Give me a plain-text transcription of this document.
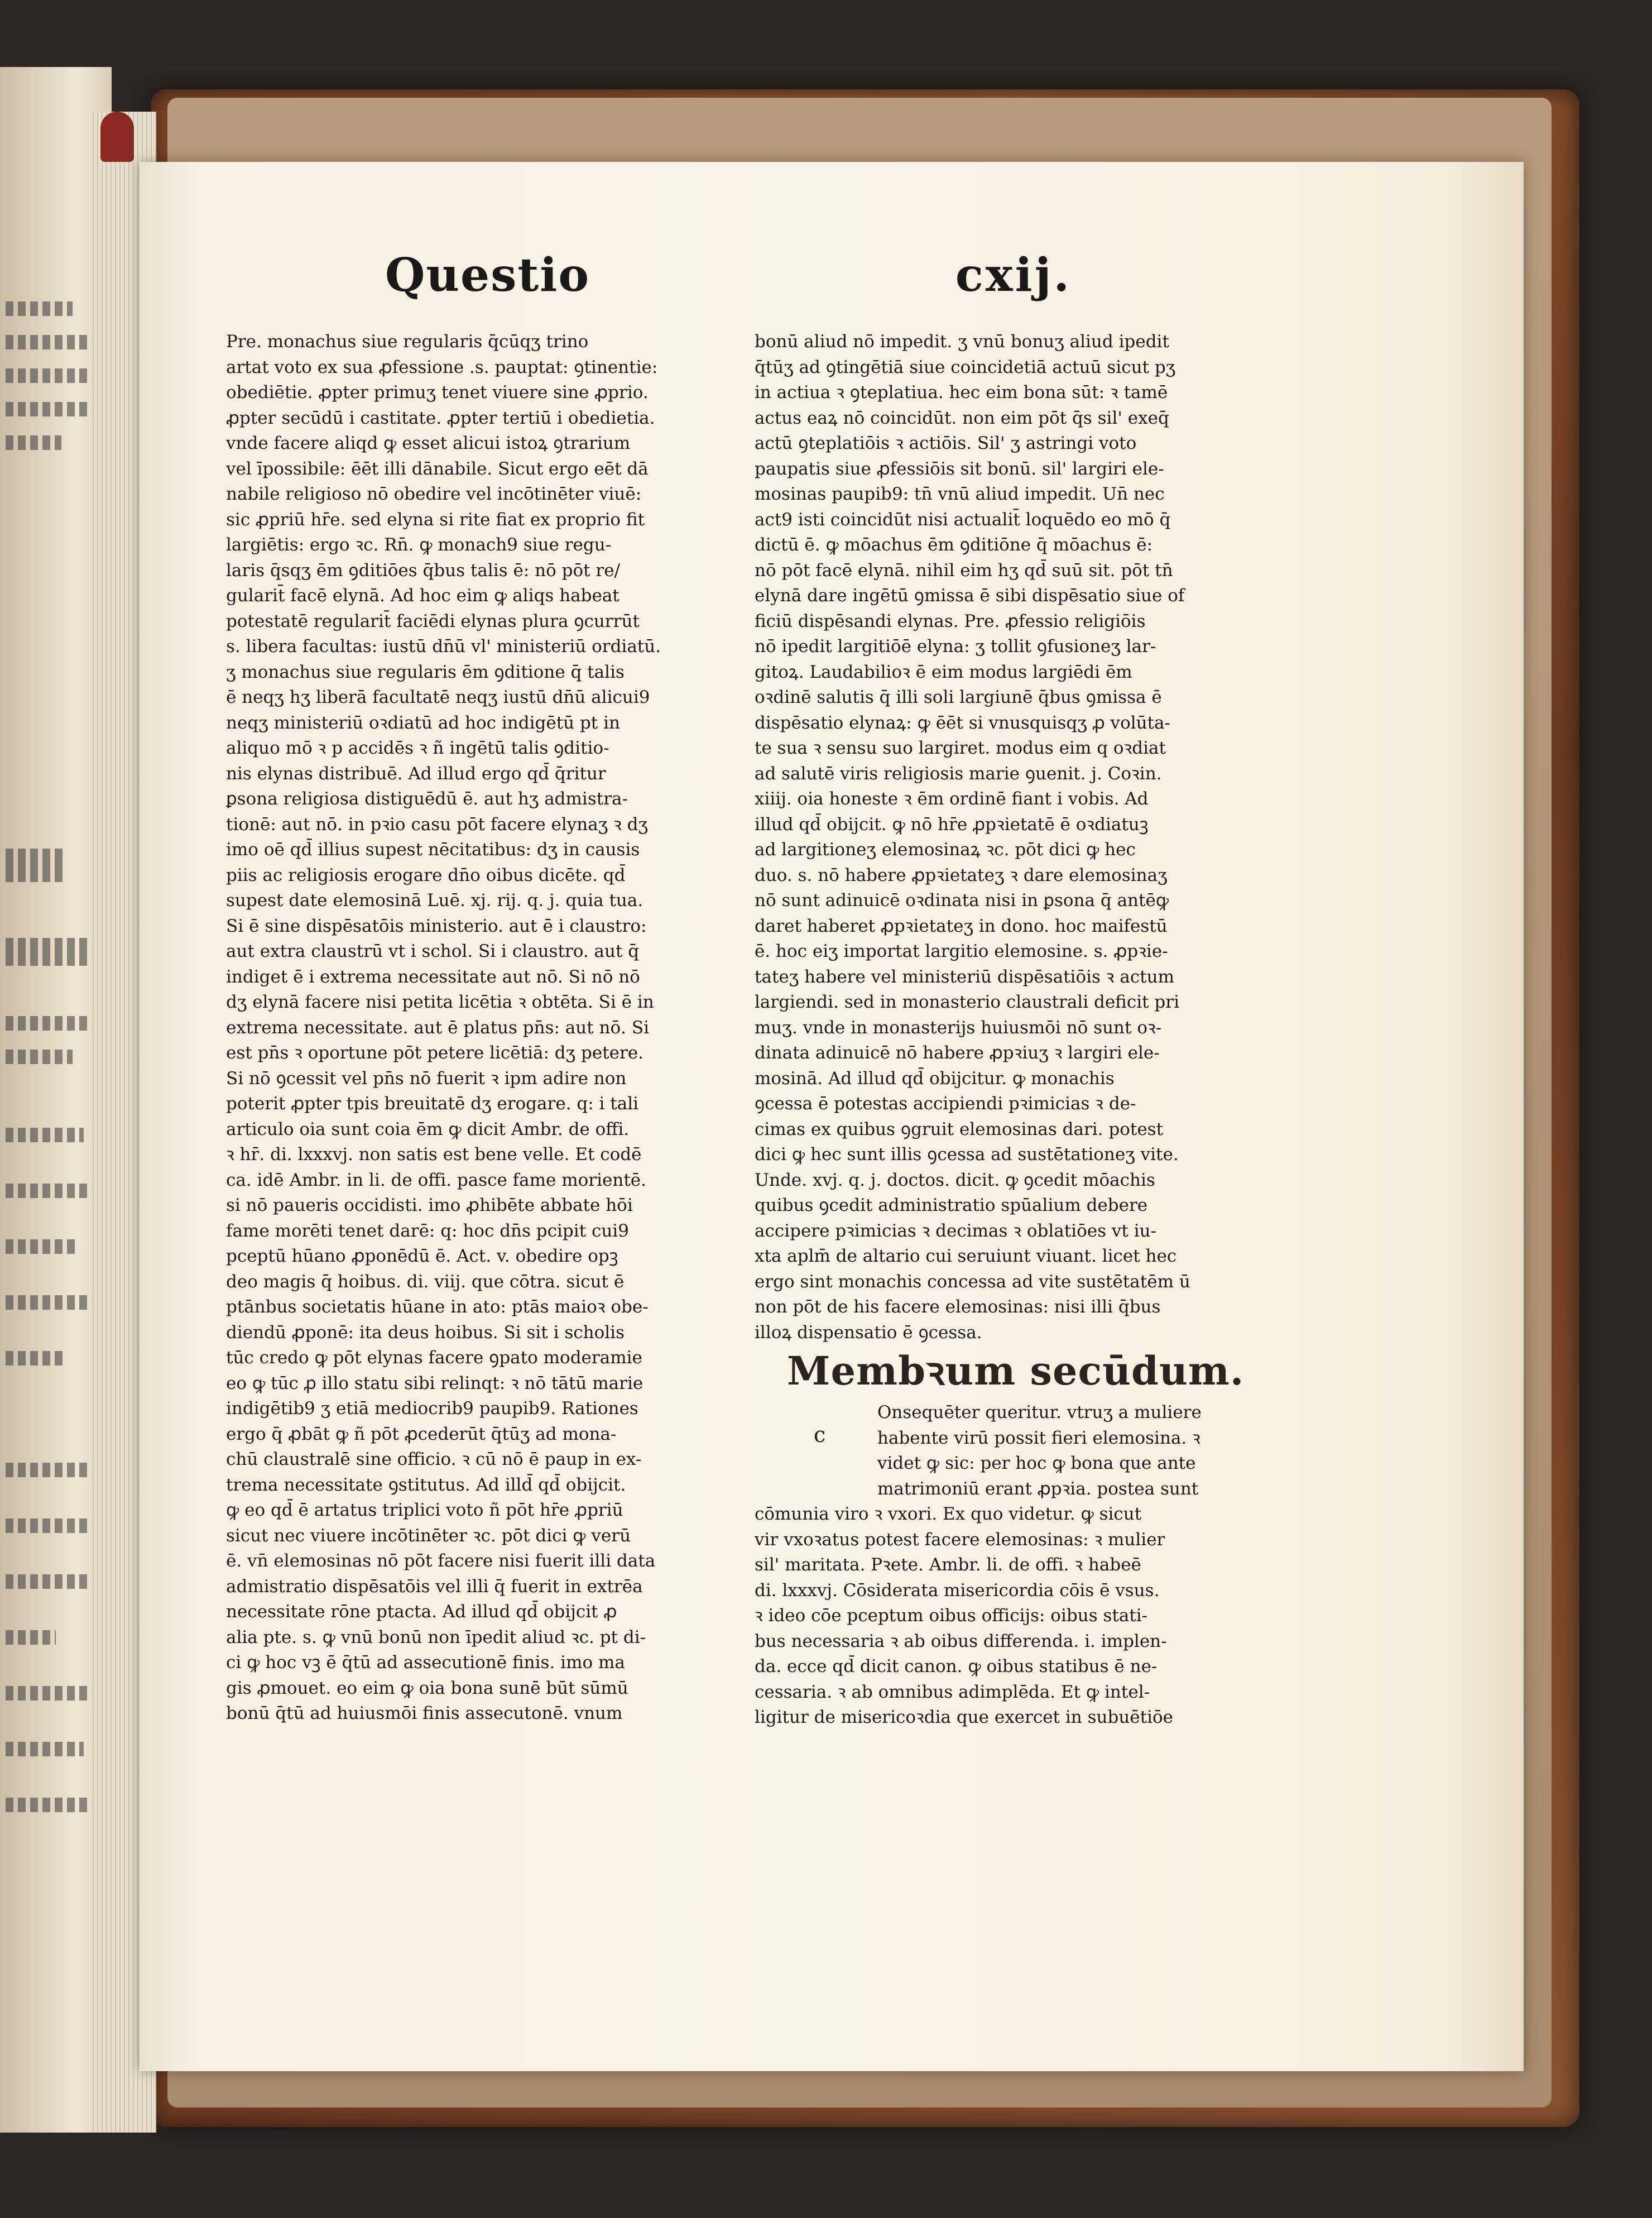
Questio	cxij.
Pre. monachus siue regularis q̄cūqʒ trino
artat voto ex sua ꝓfessione .s. pauptat: ꝯtinentie:
obediētie. ꝓpter primuʒ tenet viuere sine ꝓprio.
ꝓpter secūdū i castitate. ꝓpter tertiū i obedietia.
vnde facere aliqd ꝙ esset alicui istoꝝ ꝯtrarium
vel īpossibile: ēēt illi dānabile. Sicut ergo eēt dā
nabile religioso nō obedire vel incōtinēter viuē:
sic ꝓpriū hr̄e. sed elyna si rite fiat ex proprio fit
largiētis: ergo ꝛc. Rn̄. ꝙ monach9 siue regu-
laris q̄sqʒ ēm ꝯditiōes q̄bus talis ē: nō pōt re/
gularit̄ facē elynā. Ad hoc eim ꝙ aliqs habeat
potestatē regularit̄ faciēdi elynas plura ꝯcurrūt
s. libera facultas: iustū dn̄ū vl' ministeriū ordiatū.
ʒ monachus siue regularis ēm ꝯditione q̄ talis
ē neqʒ hʒ liberā facultatē neqʒ iustū dn̄ū alicui9
neqʒ ministeriū oꝛdiatū ad hoc indigētū pt in
aliquo mō ꝛ p accidēs ꝛ ñ ingētū talis ꝯditio-
nis elynas distribuē. Ad illud ergo qd̄ q̄ritur
ꝑsona religiosa distiguēdū ē. aut hʒ admistra-
tionē: aut nō. in pꝛio casu pōt facere elynaʒ ꝛ dʒ
imo oē qd̄ illius supest nēcitatibus: dʒ in causis
piis ac religiosis erogare dn̄o oibus dicēte. qd̄
supest date elemosinā Luē. xj. rij. q. j. quia tua.
Si ē sine dispēsatōis ministerio. aut ē i claustro:
aut extra claustrū vt i schol. Si i claustro. aut q̄
indiget ē i extrema necessitate aut nō. Si nō nō
dʒ elynā facere nisi petita licētia ꝛ obtēta. Si ē in
extrema necessitate. aut ē platus pn̄s: aut nō. Si
est pn̄s ꝛ oportune pōt petere licētiā: dʒ petere.
Si nō ꝯcessit vel pn̄s nō fuerit ꝛ ipm adire non
poterit ꝓpter tpis breuitatē dʒ erogare. q: i tali
articulo oia sunt coia ēm ꝙ dicit Ambr. de offi.
ꝛ hr̄. di. lxxxvj. non satis est bene velle. Et codē
ca. idē Ambr. in li. de offi. pasce fame morientē.
si nō paueris occidisti. imo ꝓhibēte abbate hōi
fame morēti tenet darē: q: hoc dn̄s pcipit cui9
pceptū hūano ꝓponēdū ē. Act. v. obedire opꝫ
deo magis q̄ hoibus. di. viij. que cōtra. sicut ē
ptānbus societatis hūane in ato: ptās maioꝛ obe-
diendū ꝓponē: ita deus hoibus. Si sit i scholis
tūc credo ꝙ pōt elynas facere ꝯpato moderamie
eo ꝙ tūc ꝓ illo statu sibi relinqt: ꝛ nō tātū marie
indigētib9 ʒ etiā mediocrib9 paupib9. Rationes
ergo q̄ ꝓbāt ꝙ ñ pōt ꝓcederūt q̄tūʒ ad mona-
chū claustralē sine officio. ꝛ cū nō ē paup in ex-
trema necessitate ꝯstitutus. Ad illd̄ qd̄ obijcit.
ꝙ eo qd̄ ē artatus triplici voto ñ pōt hr̄e ꝓpriū
sicut nec viuere incōtinēter ꝛc. pōt dici ꝙ verū
ē. vn̄ elemosinas nō pōt facere nisi fuerit illi data
admistratio dispēsatōis vel illi q̄ fuerit in extrēa
necessitate rōne ptacta. Ad illud qd̄ obijcit ꝓ
alia pte. s. ꝙ vnū bonū non īpedit aliud ꝛc. pt di-
ci ꝙ hoc vꝫ ē q̄tū ad assecutionē finis. imo ma
gis ꝓmouet. eo eim ꝙ oia bona sunē būt sūmū
bonū q̄tū ad huiusmōi finis assecutonē. vnum
bonū aliud nō impedit. ʒ vnū bonuʒ aliud ipedit
q̄tūʒ ad ꝯtingētiā siue coincidetiā actuū sicut pʒ
in actiua ꝛ ꝯteplatiua. hec eim bona sūt: ꝛ tamē
actus eaꝝ nō coincidūt. non eim pōt q̄s sil' exeq̄
actū ꝯteplatiōis ꝛ actiōis. Sil' ʒ astringi voto
paupatis siue ꝓfessiōis sit bonū. sil' largiri ele-
mosinas paupib9: tn̄ vnū aliud impedit. Un̄ nec
act9 isti coincidūt nisi actualit̄ loquēdo eo mō q̄
dictū ē. ꝙ mōachus ēm ꝯditiōne q̄ mōachus ē:
nō pōt facē elynā. nihil eim hʒ qd̄ suū sit. pōt tn̄
elynā dare ingētū ꝯmissa ē sibi dispēsatio siue of
ficiū dispēsandi elynas. Pre. ꝓfessio religiōis
nō ipedit largitiōē elyna: ʒ tollit ꝯfusioneʒ lar-
gitoꝝ. Laudabilioꝛ ē eim modus largiēdi ēm
oꝛdinē salutis q̄ illi soli largiunē q̄bus ꝯmissa ē
dispēsatio elynaꝝ: ꝙ ēēt si vnusquisqʒ ꝓ volūta-
te sua ꝛ sensu suo largiret. modus eim q oꝛdiat
ad salutē viris religiosis marie ꝯuenit. j. Coꝛin.
xiiij. oia honeste ꝛ ēm ordinē fiant i vobis. Ad
illud qd̄ obijcit. ꝙ nō hr̄e ꝓpꝛietatē ē oꝛdiatuꝫ
ad largitioneʒ elemosinaꝝ ꝛc. pōt dici ꝙ hec
duo. s. nō habere ꝓpꝛietateʒ ꝛ dare elemosinaʒ
nō sunt adinuicē oꝛdinata nisi in ꝑsona q̄ antēꝙ
daret haberet ꝓpꝛietateʒ in dono. hoc maifestū
ē. hoc eiʒ importat largitio elemosine. s. ꝓpꝛie-
tateʒ habere vel ministeriū dispēsatiōis ꝛ actum
largiendi. sed in monasterio claustrali deficit pri
muʒ. vnde in monasterijs huiusmōi nō sunt oꝛ-
dinata adinuicē nō habere ꝓpꝛiuʒ ꝛ largiri ele-
mosinā. Ad illud qd̄ obijcitur. ꝙ monachis
ꝯcessa ē potestas accipiendi pꝛimicias ꝛ de-
cimas ex quibus ꝯgruit elemosinas dari. potest
dici ꝙ hec sunt illis ꝯcessa ad sustētationeʒ vite.
Unde. xvj. q. j. doctos. dicit. ꝙ ꝯcedit mōachis
quibus ꝯcedit administratio spūalium debere
accipere pꝛimicias ꝛ decimas ꝛ oblatiōes vt iu-
xta aplm̄ de altario cui seruiunt viuant. licet hec
ergo sint monachis concessa ad vite sustētatēm ū
non pōt de his facere elemosinas: nisi illi q̄bus
illoꝝ dispensatio ē ꝯcessa.
Membꝛum secūdum.
c
Onsequēter queritur. vtruʒ a muliere
habente virū possit fieri elemosina. ꝛ
videt ꝙ sic: per hoc ꝙ bona que ante
matrimoniū erant ꝓpꝛia. postea sunt
cōmunia viro ꝛ vxori. Ex quo videtur. ꝙ sicut
vir vxoꝛatus potest facere elemosinas: ꝛ mulier
sil' maritata. Pꝛete. Ambr. li. de offi. ꝛ habeē
di. lxxxvj. Cōsiderata misericordia cōis ē vsus.
ꝛ ideo cōe pceptum oibus officijs: oibus stati-
bus necessaria ꝛ ab oibus differenda. i. implen-
da. ecce qd̄ dicit canon. ꝙ oibus statibus ē ne-
cessaria. ꝛ ab omnibus adimplēda. Et ꝙ intel-
ligitur de misericoꝛdia que exercet in subuētiōe
